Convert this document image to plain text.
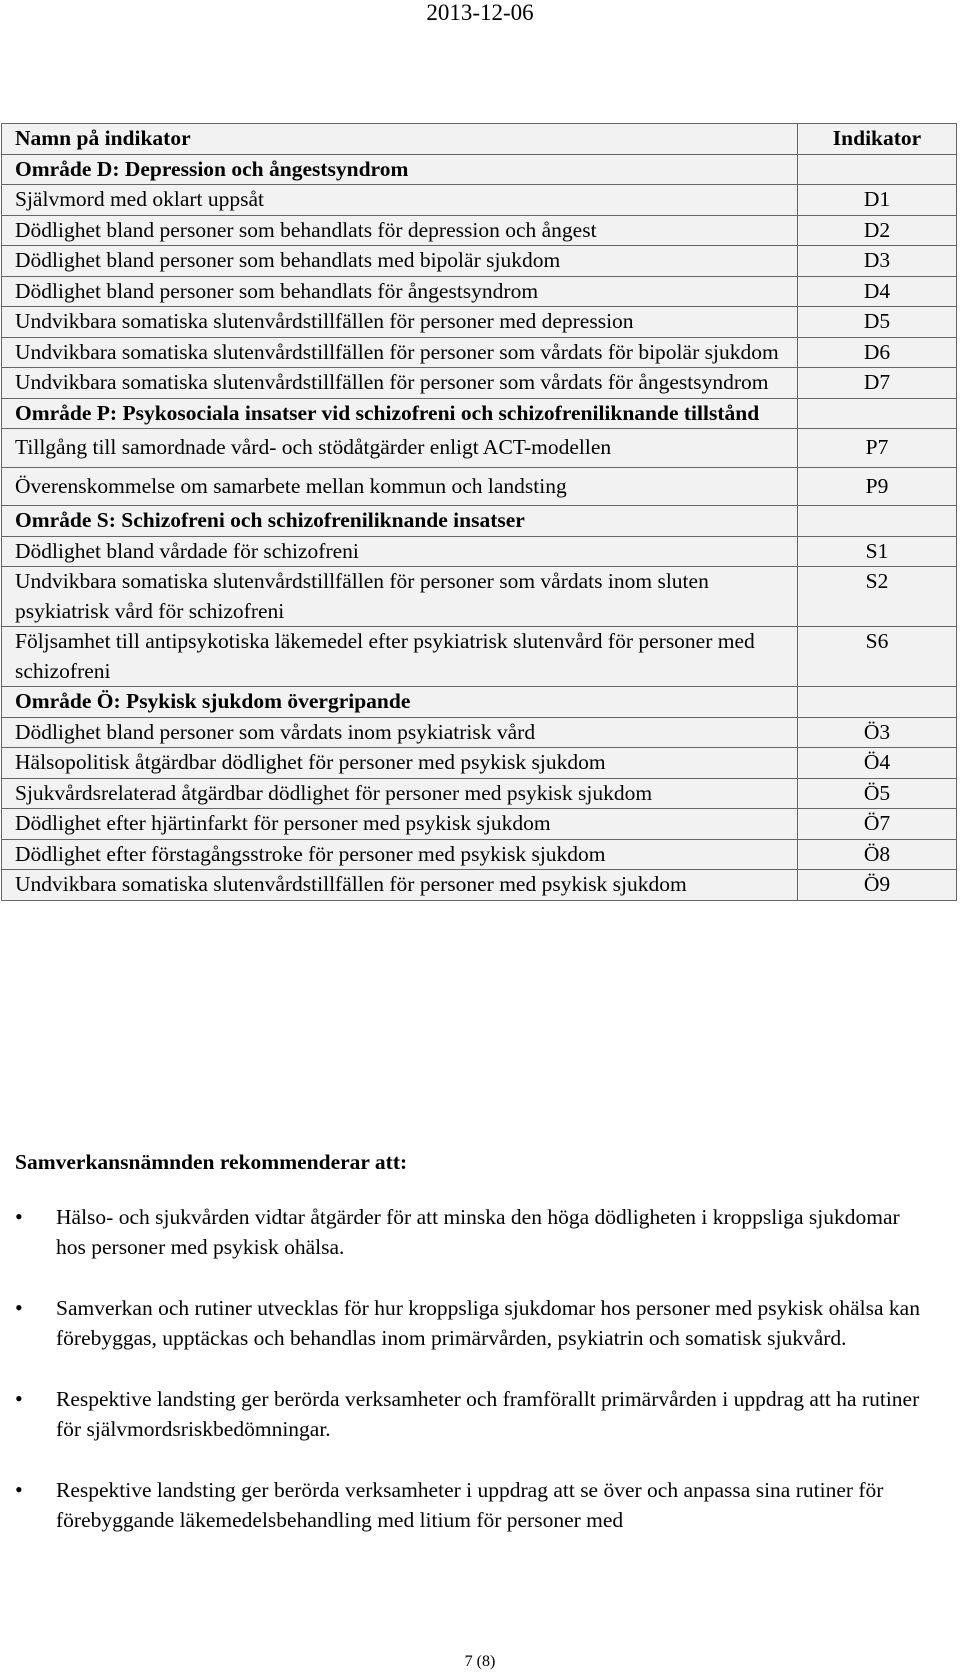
2013-12-06
Namn på indikator	Indikator
Område D: Depression och ångestsyndrom	
Självmord med oklart uppsåt	D1
Dödlighet bland personer som behandlats för depression och ångest	D2
Dödlighet bland personer som behandlats med bipolär sjukdom	D3
Dödlighet bland personer som behandlats för ångestsyndrom	D4
Undvikbara somatiska slutenvårdstillfällen för personer med depression	D5
Undvikbara somatiska slutenvårdstillfällen för personer som vårdats för bipolär sjukdom	D6
Undvikbara somatiska slutenvårdstillfällen för personer som vårdats för ångestsyndrom	D7
Område P: Psykosociala insatser vid schizofreni och schizofreniliknande tillstånd	
Tillgång till samordnade vård- och stödåtgärder enligt ACT-modellen	P7
Överenskommelse om samarbete mellan kommun och landsting	P9
Område S: Schizofreni och schizofreniliknande insatser	
Dödlighet bland vårdade för schizofreni	S1
Undvikbara somatiska slutenvårdstillfällen för personer som vårdats inom sluten psykiatrisk vård för schizofreni	S2
Följsamhet till antipsykotiska läkemedel efter psykiatrisk slutenvård för personer med schizofreni	S6
Område Ö: Psykisk sjukdom övergripande	
Dödlighet bland personer som vårdats inom psykiatrisk vård	Ö3
Hälsopolitisk åtgärdbar dödlighet för personer med psykisk sjukdom	Ö4
Sjukvårdsrelaterad åtgärdbar dödlighet för personer med psykisk sjukdom	Ö5
Dödlighet efter hjärtinfarkt för personer med psykisk sjukdom	Ö7
Dödlighet efter förstagångsstroke för personer med psykisk sjukdom	Ö8
Undvikbara somatiska slutenvårdstillfällen för personer med psykisk sjukdom	Ö9
Samverkansnämnden rekommenderar att:
• Hälso- och sjukvården vidtar åtgärder för att minska den höga dödligheten i kroppsliga sjukdomar hos personer med psykisk ohälsa.
• Samverkan och rutiner utvecklas för hur kroppsliga sjukdomar hos personer med psykisk ohälsa kan förebyggas, upptäckas och behandlas inom primärvården, psykiatrin och somatisk sjukvård.
• Respektive landsting ger berörda verksamheter och framförallt primärvården i uppdrag att ha rutiner för självmordsriskbedömningar.
• Respektive landsting ger berörda verksamheter i uppdrag att se över och anpassa sina rutiner för förebyggande läkemedelsbehandling med litium för personer med
7 (8)
